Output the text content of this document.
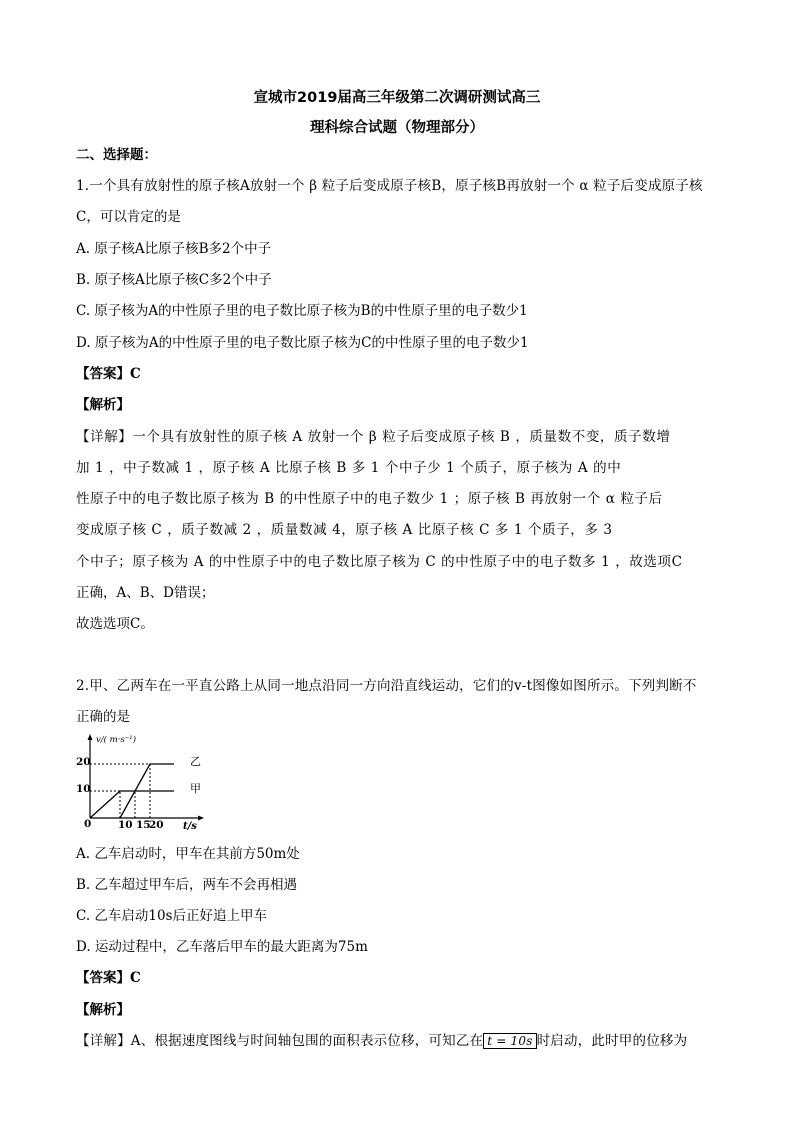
宣城市2019届高三年级第二次调研测试高三
理科综合试题（物理部分）
二、选择题：
1.一个具有放射性的原子核A放射一个 β 粒子后变成原子核B，原子核B再放射一个 α 粒子后变成原子核
C，可以肯定的是
A. 原子核A比原子核B多2个中子
B. 原子核A比原子核C多2个中子
C. 原子核为A的中性原子里的电子数比原子核为B的中性原子里的电子数少1
D. 原子核为A的中性原子里的电子数比原子核为C的中性原子里的电子数少1
【答案】C
【解析】
【详解】一个具有放射性的原子核 A 放射一个 β 粒子后变成原子核 B ，质量数不变，质子数增
加 1 ，中子数减 1 ，原子核 A 比原子核 B 多 1 个中子少 1 个质子，原子核为 A 的中
性原子中的电子数比原子核为 B 的中性原子中的电子数少 1 ；原子核 B 再放射一个 α 粒子后
变成原子核 C ，质子数减 2 ，质量数减 4，原子核 A 比原子核 C 多 1 个质子，多 3
个中子；原子核为 A 的中性原子中的电子数比原子核为 C 的中性原子中的电子数多 1 ，故选项C
正确，A、B、D错误；
故选选项C。
2.甲、乙两车在一平直公路上从同一地点沿同一方向沿直线运动，它们的v-t图像如图所示。下列判断不
正确的是
v/( m·s⁻¹)
t/s
0	10 15
20
10
20
甲
乙
A. 乙车启动时，甲车在其前方50m处
B. 乙车超过甲车后，两车不会再相遇
C. 乙车启动10s后正好追上甲车
D. 运动过程中，乙车落后甲车的最大距离为75m
【答案】C
【解析】
【详解】A、根据速度图线与时间轴包围的面积表示位移，可知乙在 t = 10s 时启动，此时甲的位移为
